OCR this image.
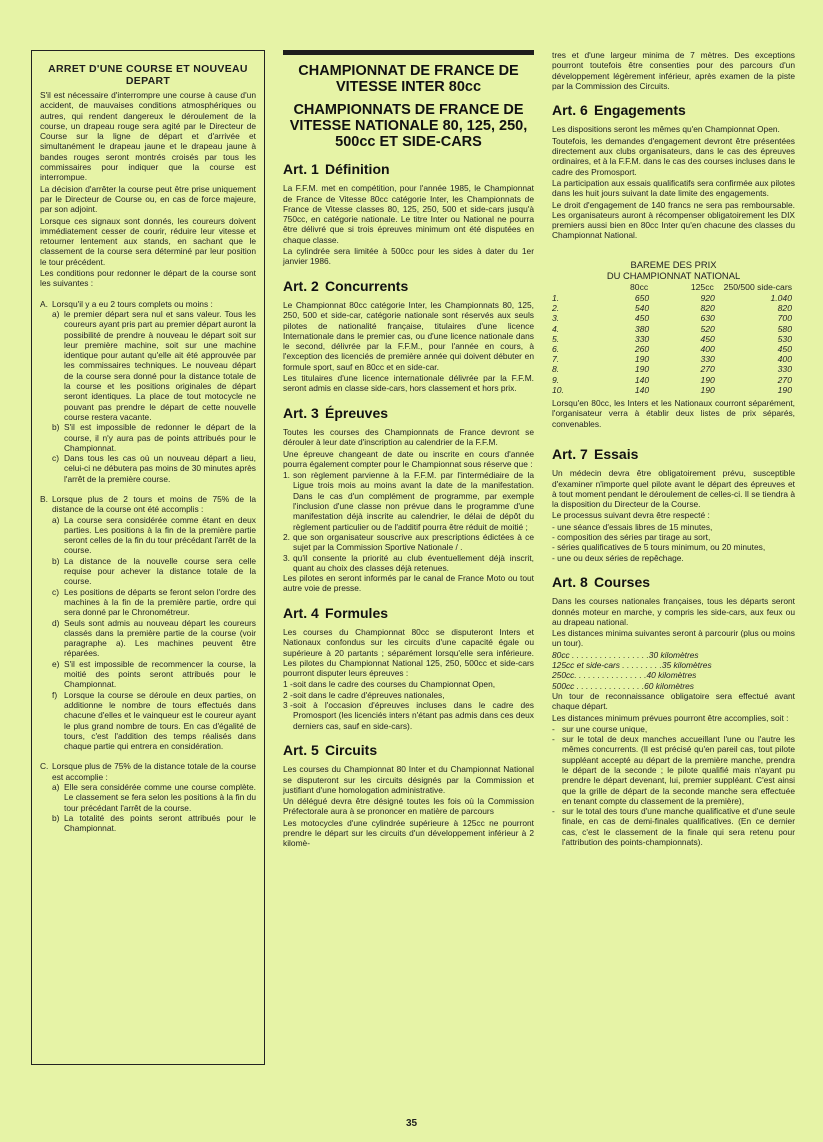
ARRET D'UNE COURSE ET NOUVEAU DEPART

S'il est nécessaire d'interrompre une course à cause d'un accident, de mauvaises conditions atmosphériques ou autres, qui rendent dangereux le déroulement de la course, un drapeau rouge sera agité par le Directeur de Course sur la ligne de départ et d'arrivée et simultanément le drapeau jaune et le drapeau jaune à bandes rouges seront montrés croisés par tous les commissaires pour indiquer que la course est interrompue.

La décision d'arrêter la course peut être prise uniquement par le Directeur de Course ou, en cas de force majeure, par son adjoint.

Lorsque ces signaux sont donnés, les coureurs doivent immédiatement cesser de courir, réduire leur vitesse et retourner lentement aux stands, en sachant que le classement de la course sera déterminé par leur position le tour précédent.

Les conditions pour redonner le départ de la course sont les suivantes :

A. Lorsqu'il y a eu 2 tours complets ou moins :
a) le premier départ sera nul et sans valeur. Tous les coureurs ayant pris part au premier départ auront la possibilité de prendre à nouveau le départ soit sur leur première machine, soit sur une machine identique pour autant qu'elle ait été approuvée par les commissaires techniques. Le nouveau départ de la course sera donné pour la distance totale de la course et les positions originales de départ seront identiques. La place de tout motocycle ne pouvant pas prendre le départ de cette nouvelle course restera vacante.
b) S'il est impossible de redonner le départ de la course, il n'y aura pas de points attribués pour le Championnat.
c) Dans tous les cas où un nouveau départ a lieu, celui-ci ne débutera pas moins de 30 minutes après l'arrêt de la première course.
B. Lorsque plus de 2 tours et moins de 75% de la distance de la course ont été accomplis :
a) La course sera considérée comme étant en deux parties. Les positions à la fin de la première partie seront celles de la fin du tour précédant l'arrêt de la course.
b) La distance de la nouvelle course sera celle requise pour achever la distance totale de la course.
c) Les positions de départs se feront selon l'ordre des machines à la fin de la première partie, ordre qui sera donné par le Chronométreur.
d) Seuls sont admis au nouveau départ les coureurs classés dans la première partie de la course (voir paragraphe a). Les machines peuvent être réparées.
e) S'il est impossible de recommencer la course, la moitié des points seront attribués pour le Championnat.
f) Lorsque la course se déroule en deux parties, on additionne le nombre de tours effectués dans chacune d'elles et le vainqueur est le coureur ayant le plus grand nombre de tours. En cas d'égalité de tours, c'est l'addition des temps réalisés dans chaque partie qui entrera en considération.
C. Lorsque plus de 75% de la distance totale de la course est accomplie :
a) Elle sera considérée comme une course complète. Le classement se fera selon les positions à la fin du tour précédant l'arrêt de la course.
b) La totalité des points seront attribués pour le Championnat.
CHAMPIONNAT DE FRANCE DE VITESSE INTER 80cc
CHAMPIONNATS DE FRANCE DE VITESSE NATIONALE 80, 125, 250, 500cc ET SIDE-CARS
Art. 1 Définition

La F.F.M. met en compétition, pour l'année 1985, le Championnat de France de Vitesse 80cc catégorie Inter, les Championnats de France de Vitesse classes 80, 125, 250, 500 et side-cars jusqu'à 750cc, en catégorie nationale. Le titre Inter ou National ne pourra être délivré que si trois épreuves minimum ont été disputées en chaque classe.

La cylindrée sera limitée à 500cc pour les sides à dater du 1er janvier 1986.

Art. 2 Concurrents

Le Championnat 80cc catégorie Inter, les Championnats 80, 125, 250, 500 et side-car, catégorie nationale sont réservés aux seuls pilotes de nationalité française, titulaires d'une licence Internationale dans le premier cas, ou d'une licence nationale dans le second, délivrée par la F.F.M., pour l'année en cours, à l'exception des licenciés de première année qui doivent débuter en formule sport, sauf en 80cc et en side-car.

Les titulaires d'une licence internationale délivrée par la F.F.M. seront admis en classe side-cars, hors classement et hors prix.

Art. 3 Épreuves

Toutes les courses des Championnats de France devront se dérouler à leur date d'inscription au calendrier de la F.F.M.

Une épreuve changeant de date ou inscrite en cours d'année pourra également compter pour le Championnat sous réserve que :

1. son règlement parvienne à la F.F.M. par l'intermédiaire de la Ligue trois mois au moins avant la date de la manifestation. Dans le cas d'un complément de programme, par exemple l'inclusion d'une classe non prévue dans le programme d'une manifestation déjà inscrite au calendrier, le délai de dépôt du règlement particulier ou de l'additif pourra être réduit de moitié ;
2. que son organisateur souscrive aux prescriptions édictées à ce sujet par la Commission Sportive Nationale / .
3. qu'il consente la priorité au club éventuellement déjà inscrit, quant au choix des classes déjà retenues.

Les pilotes en seront informés par le canal de France Moto ou tout autre voie de presse.

Art. 4 Formules

Les courses du Championnat 80cc se disputeront Inters et Nationaux confondus sur les circuits d'une capacité égale ou supérieure à 20 partants ; séparément lorsqu'elle sera inférieure. Les pilotes du Championnat National 125, 250, 500cc et side-cars pourront disputer leurs épreuves :

1 - soit dans le cadre des courses du Championnat Open,
2 - soit dans le cadre d'épreuves nationales,
3 - soit à l'occasion d'épreuves incluses dans le cadre des Promosport (les licenciés inters n'étant pas admis dans ces deux derniers cas, sauf en side-cars).
Art. 5 Circuits

Les courses du Championnat 80 Inter et du Championnat National se disputeront sur les circuits désignés par la Commission et justifiant d'une homologation administrative.

Un délégué devra être désigné toutes les fois où la Commission Préfectorale aura à se prononcer en matière de parcours

Les motocycles d'une cylindrée supérieure à 125cc ne pourront prendre le départ sur les circuits d'un développement inférieur à 2 kilomè-

tres et d'une largeur minima de 7 mètres. Des exceptions pourront toutefois être consenties pour des parcours d'un développement légèrement inférieur, après examen de la piste par la Commission des Circuits.

Art. 6 Engagements

Les dispositions seront les mêmes qu'en Championnat Open.

Toutefois, les demandes d'engagement devront être présentées directement aux clubs organisateurs, dans le cas des épreuves ordinaires, et à la F.F.M. dans le cas des courses incluses dans le cadre des Promosport.

La participation aux essais qualificatifs sera confirmée aux pilotes dans les huit jours suivant la date limite des engagements.

Le droit d'engagement de 140 francs ne sera pas remboursable. Les organisateurs auront à récompenser obligatoirement les DIX premiers aussi bien en 80cc Inter qu'en chacune des classes du Championnat National.

BAREME DES PRIX
DU CHAMPIONNAT NATIONAL
	80cc	125cc	250/500 side-cars
1.	650	920	1.040
2.	540	820	820
3.	450	630	700
4.	380	520	580
5.	330	450	530
6.	260	400	450
7.	190	330	400
8.	190	270	330
9.	140	190	270
10.	140	190	190

Lorsqu'en 80cc, les Inters et les Nationaux courront séparément, l'organisateur verra à établir deux listes de prix séparés, convenables.

Art. 7 Essais

Un médecin devra être obligatoirement prévu, susceptible d'examiner n'importe quel pilote avant le départ des épreuves et à tout moment pendant le déroulement de celles-ci. Il se tiendra à la disposition du Directeur de la Course.

Le processus suivant devra être respecté :

- une séance d'essais libres de 15 minutes,
- composition des séries par tirage au sort,
- séries qualificatives de 5 tours minimum, ou 20 minutes,
- une ou deux séries de repêchage.
Art. 8 Courses

Dans les courses nationales françaises, tous les départs seront donnés moteur en marche, y compris les side-cars, aux feux ou au drapeau national.

Les distances minima suivantes seront à parcourir (plus ou moins un tour).

80cc . . . . . . . . . . . . . . . . .30 kilomètres
125cc et side-cars . . . . . . . . .35 kilomètres
250cc. . . . . . . . . . . . . . . .40 kilomètres
500cc . . . . . . . . . . . . . . .60 kilomètres

Un tour de reconnaissance obligatoire sera effectué avant chaque départ.

Les distances minimum prévues pourront être accomplies, soit :

- sur une course unique,
- sur le total de deux manches accueillant l'une ou l'autre les mêmes concurrents. (Il est précisé qu'en pareil cas, tout pilote suppléant accepté au départ de la première manche, prendra le départ de la seconde ; le pilote qualifié mais n'ayant pu prendre le départ devenant, lui, premier suppléant. C'est ainsi que la grille de départ de la seconde manche sera effectuée en tenant compte du classement de la première),
- sur le total des tours d'une manche qualificative et d'une seule finale, en cas de demi-finales qualificatives. (En ce dernier cas, c'est le classement de la finale qui sera retenu pour l'attribution des points-championnats).
35
